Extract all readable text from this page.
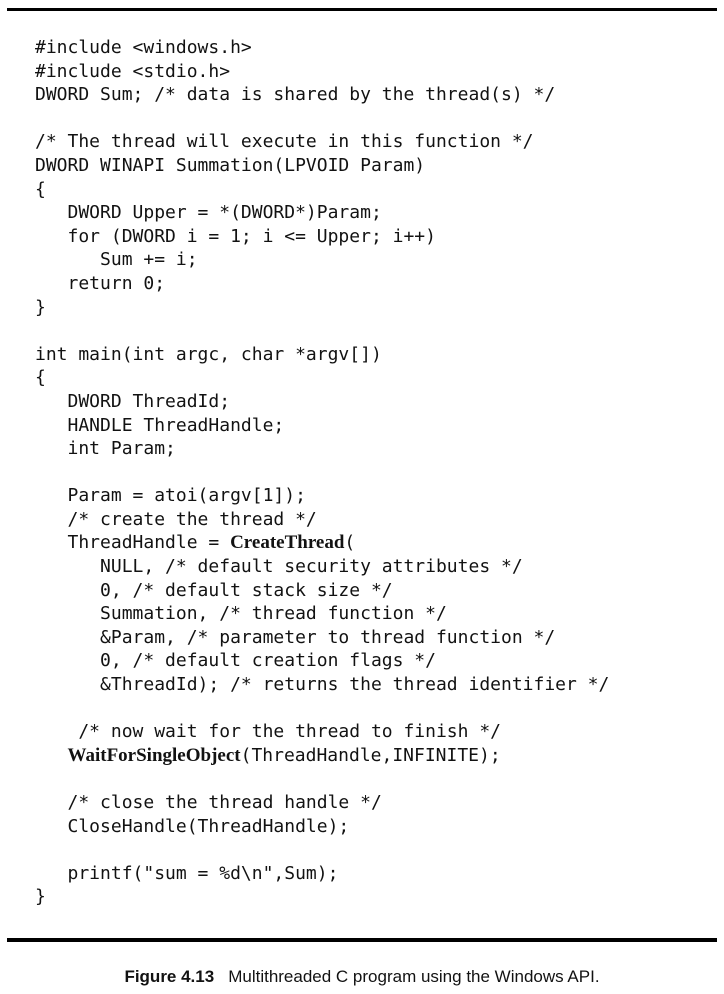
#include <windows.h>
#include <stdio.h>
DWORD Sum; /* data is shared by the thread(s) */

/* The thread will execute in this function */
DWORD WINAPI Summation(LPVOID Param)
{
DWORD Upper = *(DWORD*)Param;
for (DWORD i = 1; i <= Upper; i++)
Sum += i;
return 0;
}

int main(int argc, char *argv[])
{
DWORD ThreadId;
HANDLE ThreadHandle;
int Param;

Param = atoi(argv[1]);
/* create the thread */
ThreadHandle = CreateThread(
NULL, /* default security attributes */
0, /* default stack size */
Summation, /* thread function */
&Param, /* parameter to thread function */
0, /* default creation flags */
&ThreadId); /* returns the thread identifier */

/* now wait for the thread to finish */
WaitForSingleObject(ThreadHandle,INFINITE);

/* close the thread handle */
CloseHandle(ThreadHandle);

printf("sum = %d\n",Sum);
}
Figure 4.13 Multithreaded C program using the Windows API.
